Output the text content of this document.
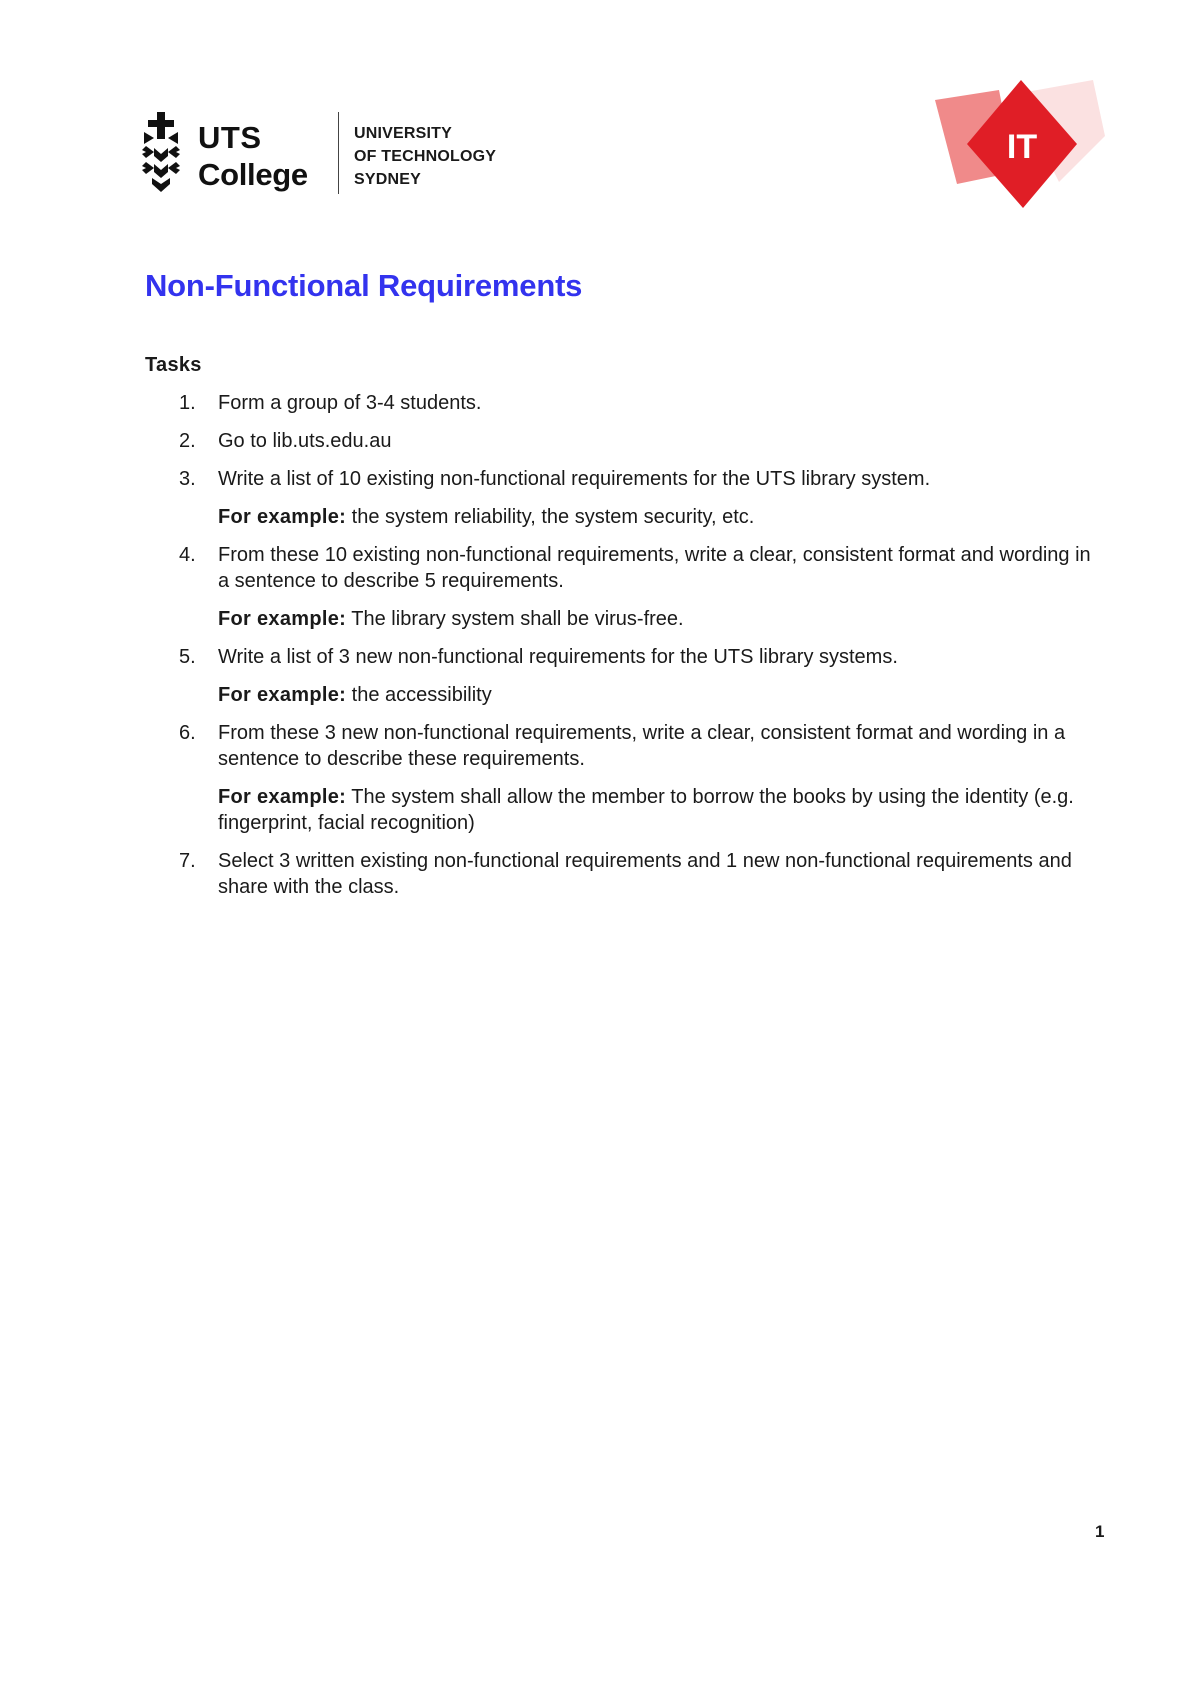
UTS
College
UNIVERSITY
OF TECHNOLOGY
SYDNEY
IT
Non-Functional Requirements
Tasks
1. Form a group of 3-4 students.
2. Go to lib.uts.edu.au
3. Write a list of 10 existing non-functional requirements for the UTS library system.
For example: the system reliability, the system security, etc.
4. From these 10 existing non-functional requirements, write a clear, consistent format and wording in a sentence to describe 5 requirements.
For example: The library system shall be virus-free.
5. Write a list of 3 new non-functional requirements for the UTS library systems.
For example: the accessibility
6. From these 3 new non-functional requirements, write a clear, consistent format and wording in a sentence to describe these requirements.
For example: The system shall allow the member to borrow the books by using the identity (e.g. fingerprint, facial recognition)
7. Select 3 written existing non-functional requirements and 1 new non-functional requirements and share with the class.
1
